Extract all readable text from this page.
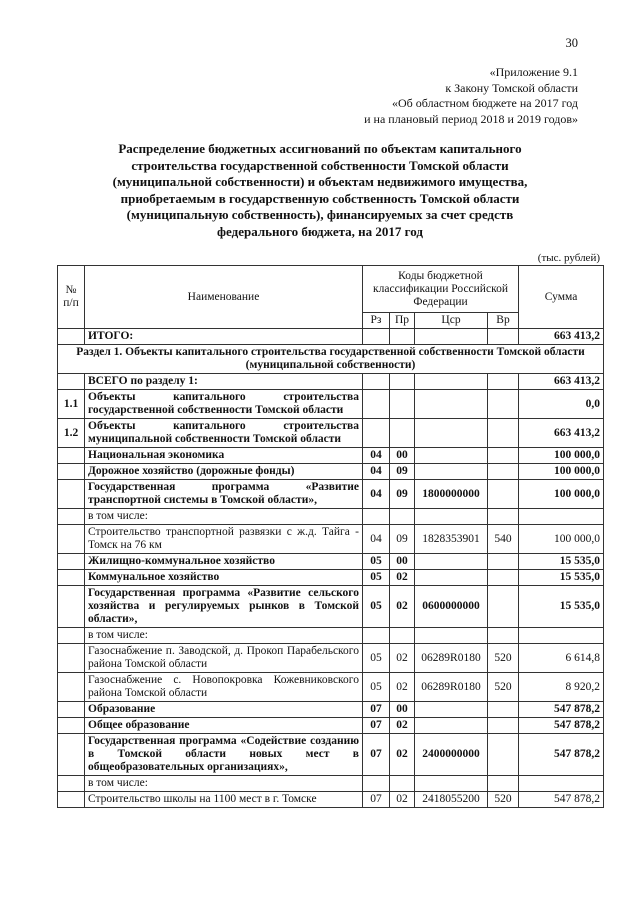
30
«Приложение 9.1
к Закону Томской области
«Об областном бюджете на 2017 год
и на плановый период 2018 и 2019 годов»
Распределение бюджетных ассигнований по объектам капитального строительства государственной собственности Томской области (муниципальной собственности) и объектам недвижимого имущества, приобретаемым в государственную собственность Томской области (муниципальную собственность), финансируемых за счет средств федерального бюджета, на 2017 год
(тыс. рублей)
№ п/п	Наименование	Коды бюджетной классификации Российской Федерации				Сумма
		Рз	Пр	Цср	Вр	
	ИТОГО:					663 413,2
Раздел 1. Объекты капитального строительства государственной собственности Томской области (муниципальной собственности)						
	ВСЕГО по разделу 1:					663 413,2
1.1	Объекты капитального строительства государственной собственности Томской области					0,0
1.2	Объекты капитального строительства муниципальной собственности Томской области					663 413,2
	Национальная экономика	04	00			100 000,0
	Дорожное хозяйство (дорожные фонды)	04	09			100 000,0
	Государственная программа «Развитие транспортной системы в Томской области»,	04	09	1800000000		100 000,0
	в том числе:					
	Строительство транспортной развязки с ж.д. Тайга - Томск на 76 км	04	09	1828353901	540	100 000,0
	Жилищно-коммунальное хозяйство	05	00			15 535,0
	Коммунальное хозяйство	05	02			15 535,0
	Государственная программа «Развитие сельского хозяйства и регулируемых рынков в Томской области»,	05	02	0600000000		15 535,0
	в том числе:					
	Газоснабжение п. Заводской, д. Прокоп Парабельского района Томской области	05	02	06289R0180	520	6 614,8
	Газоснабжение с. Новопокровка Кожевниковского района Томской области	05	02	06289R0180	520	8 920,2
	Образование	07	00			547 878,2
	Общее образование	07	02			547 878,2
	Государственная программа «Содействие созданию в Томской области новых мест в общеобразовательных организациях»,	07	02	2400000000		547 878,2
	в том числе:					
	Строительство школы на 1100 мест в г. Томске	07	02	2418055200	520	547 878,2
